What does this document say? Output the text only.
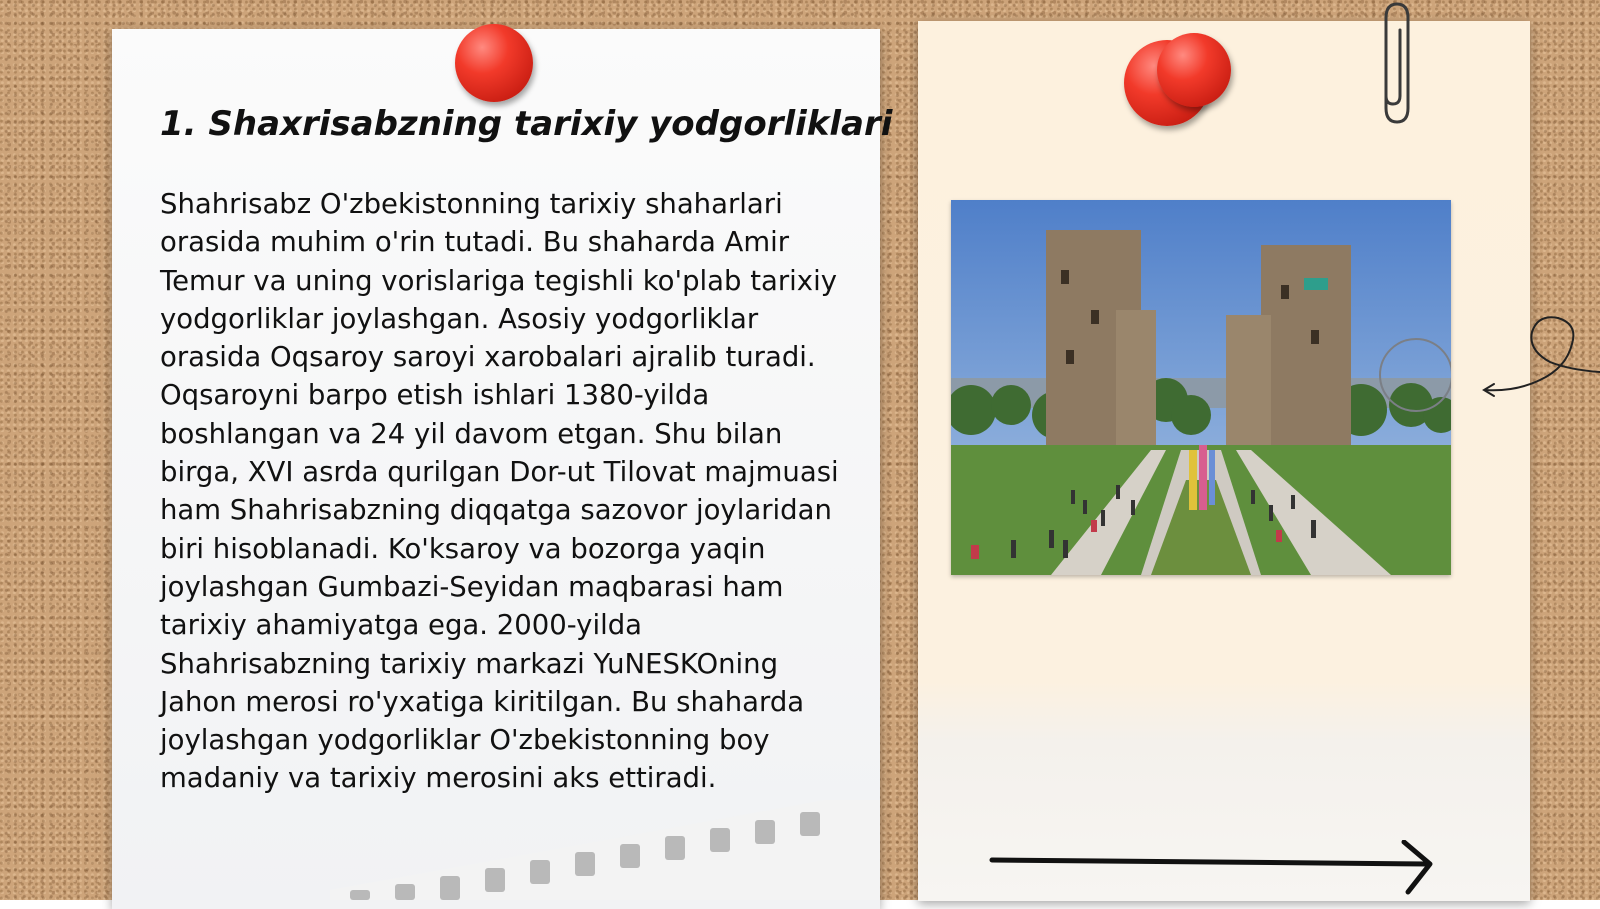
1. Shaxrisabzning tarixiy yodgorliklari

Shahrisabz O'zbekistonning tarixiy shaharlari orasida muhim o'rin tutadi. Bu shaharda Amir Temur va uning vorislariga tegishli ko'plab tarixiy yodgorliklar joylashgan. Asosiy yodgorliklar orasida Oqsaroy saroyi xarobalari ajralib turadi. Oqsaroyni barpo etish ishlari 1380-yilda boshlangan va 24 yil davom etgan. Shu bilan birga, XVI asrda qurilgan Dor-ut Tilovat majmuasi ham Shahrisabzning diqqatga sazovor joylaridan biri hisoblanadi. Ko'ksaroy va bozorga yaqin joylashgan Gumbazi-Seyidan maqbarasi ham tarixiy ahamiyatga ega. 2000-yilda Shahrisabzning tarixiy markazi YuNESKOning Jahon merosi ro'yxatiga kiritilgan. Bu shaharda joylashgan yodgorliklar O'zbekistonning boy madaniy va tarixiy merosini aks ettiradi.
